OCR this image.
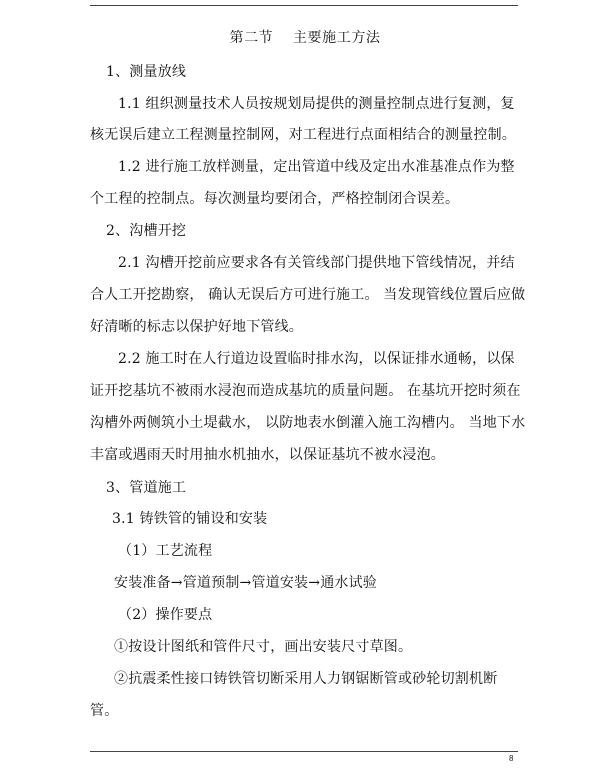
第二节　 主要施工方法
1、测量放线
1.1 组织测量技术人员按规划局提供的测量控制点进行复测，复
核无误后建立工程测量控制网，对工程进行点面相结合的测量控制。
1.2 进行施工放样测量，定出管道中线及定出水准基准点作为整
个工程的控制点。每次测量均要闭合，严格控制闭合误差。
2、沟槽开挖
2.1 沟槽开挖前应要求各有关管线部门提供地下管线情况，并结
合人工开挖勘察， 确认无误后方可进行施工。 当发现管线位置后应做
好清晰的标志以保护好地下管线。
2.2 施工时在人行道边设置临时排水沟，以保证排水通畅，以保
证开挖基坑不被雨水浸泡而造成基坑的质量问题。 在基坑开挖时须在
沟槽外两侧筑小土堤截水， 以防地表水倒灌入施工沟槽内。 当地下水
丰富或遇雨天时用抽水机抽水，以保证基坑不被水浸泡。
3、管道施工
3.1 铸铁管的铺设和安装
（1）工艺流程
安装准备→管道预制→管道安装→通水试验
（2）操作要点
①按设计图纸和管件尺寸，画出安装尺寸草图。
②抗震柔性接口铸铁管切断采用人力钢锯断管或砂轮切割机断
管。
8
